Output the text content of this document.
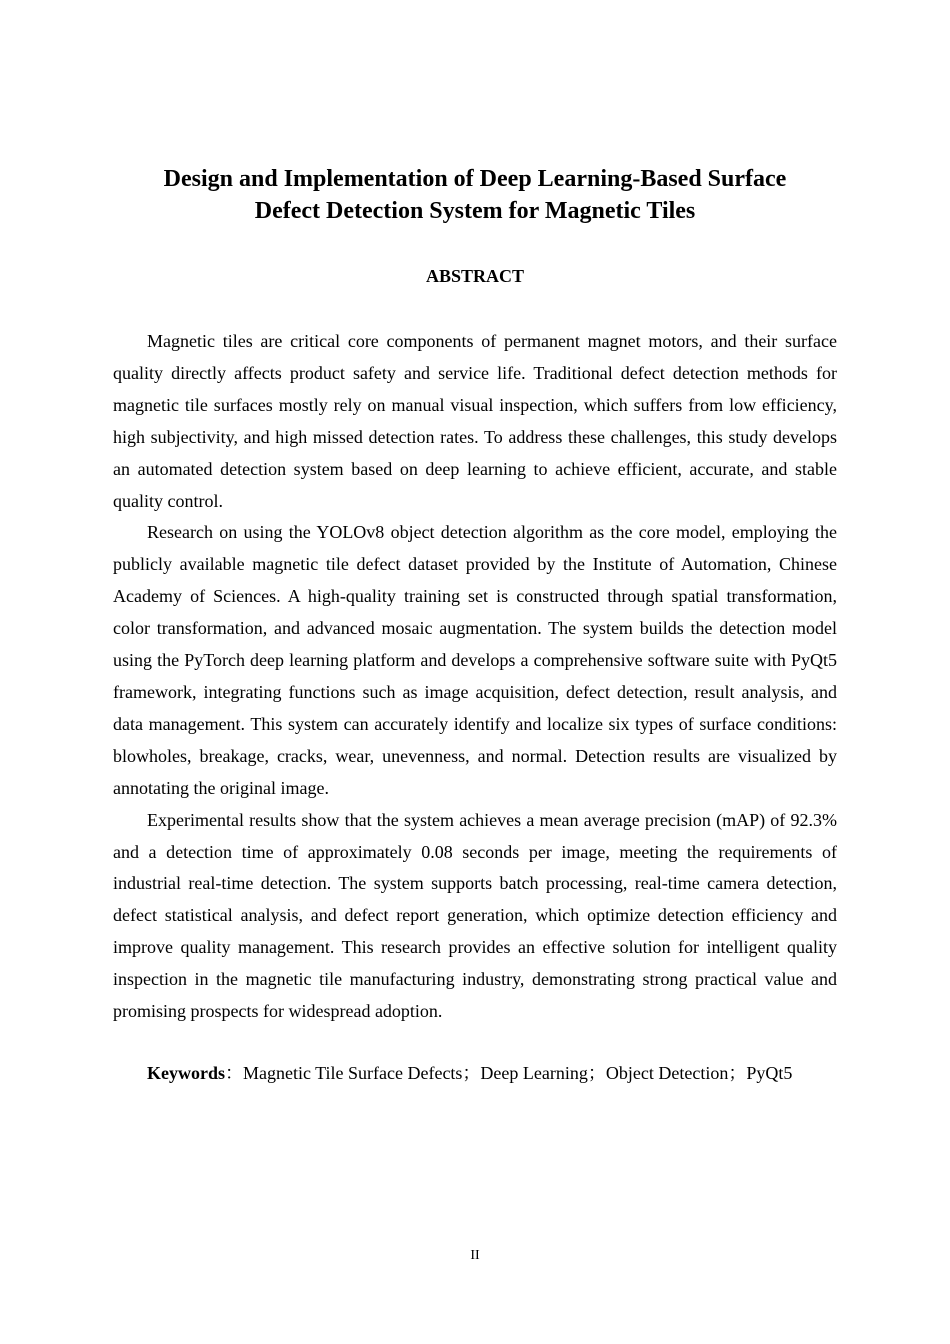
Design and Implementation of Deep Learning-Based Surface
Defect Detection System for Magnetic Tiles
ABSTRACT

Magnetic tiles are critical core components of permanent magnet motors, and their surface quality directly affects product safety and service life. Traditional defect detection methods for magnetic tile surfaces mostly rely on manual visual inspection, which suffers from low efficiency, high subjectivity, and high missed detection rates. To address these challenges, this study develops an automated detection system based on deep learning to achieve efficient, accurate, and stable quality control.

Research on using the YOLOv8 object detection algorithm as the core model, employing the publicly available magnetic tile defect dataset provided by the Institute of Automation, Chinese Academy of Sciences. A high-quality training set is constructed through spatial transformation, color transformation, and advanced mosaic augmentation. The system builds the detection model using the PyTorch deep learning platform and develops a comprehensive software suite with PyQt5 framework, integrating functions such as image acquisition, defect detection, result analysis, and data management. This system can accurately identify and localize six types of surface conditions: blowholes, breakage, cracks, wear, unevenness, and normal. Detection results are visualized by annotating the original image.

Experimental results show that the system achieves a mean average precision (mAP) of 92.3% and a detection time of approximately 0.08 seconds per image, meeting the requirements of industrial real-time detection. The system supports batch processing, real-time camera detection, defect statistical analysis, and defect report generation, which optimize detection efficiency and improve quality management. This research provides an effective solution for intelligent quality inspection in the magnetic tile manufacturing industry, demonstrating strong practical value and promising prospects for widespread adoption.

Keywords：Magnetic Tile Surface Defects；Deep Learning；Object Detection；PyQt5

II
